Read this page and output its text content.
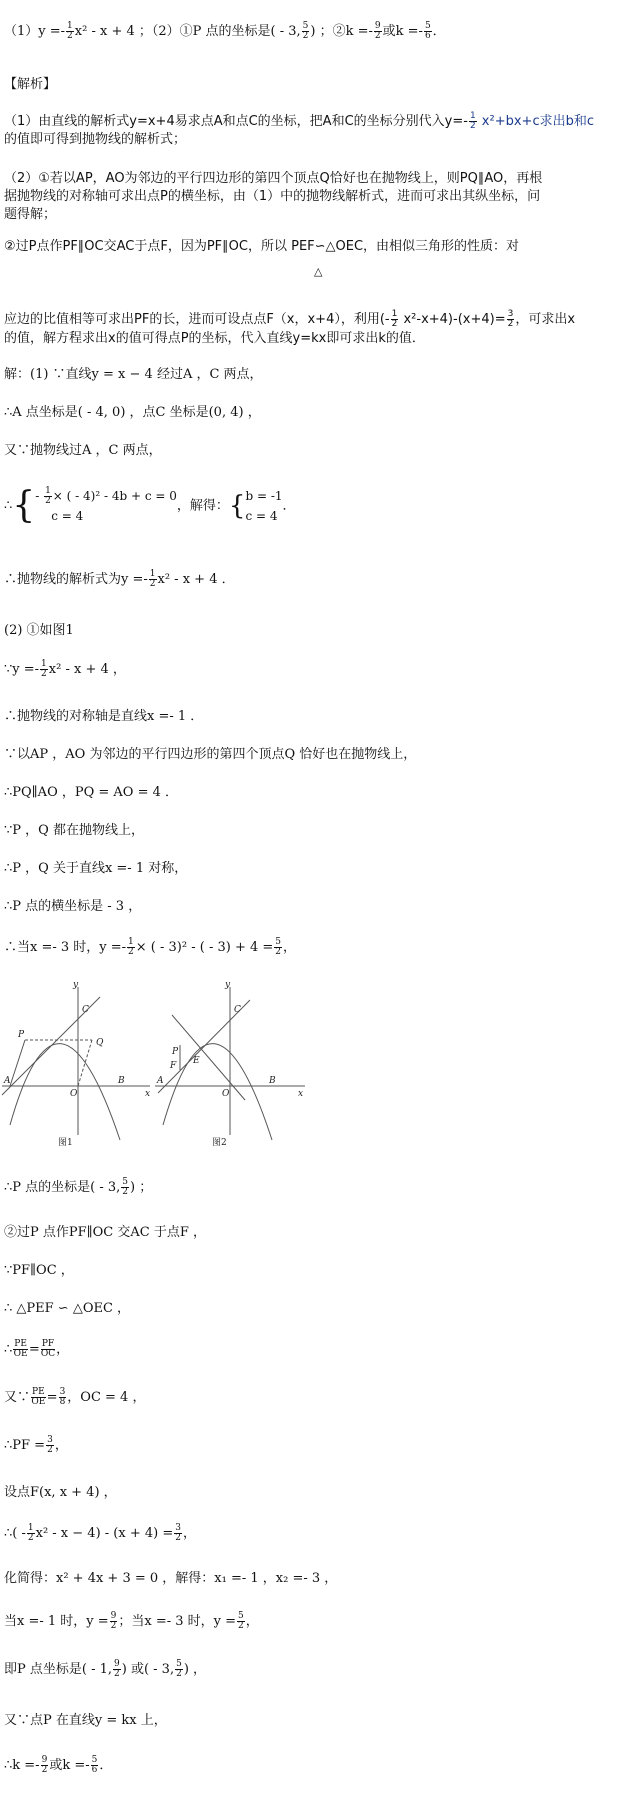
$(1)y =- \frac{1}{2} x^2 - x + 4$ ；（2）①P 点的坐标是( - 3, $\frac{5}{2}$ ) ；②k =- $\frac{9}{2}$ 或$k =- \frac{5}{6}$ ．
【解析】
（1）由直线的解析式y=x+4易求点A和点C的坐标，把A和C的坐标分别代入$y=- \frac{1}{2} x^2+bx+c$求出b和c
的值即可得到抛物线的解析式；
（2）①若以AP，AO为邻边的平行四边形的第四个顶点Q恰好也在抛物线上，则PQ∥AO，再根
据抛物线的对称轴可求出点P的横坐标，由（1）中的抛物线解析式，进而可求出其纵坐标，问
题得解；
②过P点作PF∥OC交AC于点F，因为PF∥OC，所以 PEF∽△OEC，由相似三角形的性质：对
△
应边的比值相等可求出PF的长，进而可设点点F（x，x+4），利用(- $\frac{1}{2} x^2-x+4)-(x+4)= \frac{3}{2}$ ，可求出x
的值，解方程求出x的值可得点P的坐标，代入直线y=kx即可求出k的值．
解：(1) ∵直线y = x − 4 经过A ，C 两点，
∴A 点坐标是( - 4, 0) ，点C 坐标是(0, 4) ，
又∵抛物线过A ，C 两点，
∴{- $\frac{1}{2}$ × ( - 4)² - 4b + c = 0
c = 4，解得：{b = -1
c = 4．
∴抛物线的解析式为$y =- \frac{1}{2} x^2 - x + 4$ ．
(2) ①如图1
∵y =- $\frac{1}{2} x^2 - x + 4$ ，
∴抛物线的对称轴是直线x =- 1 ．
∵以AP ，AO 为邻边的平行四边形的第四个顶点Q 恰好也在抛物线上，
∴PQ∥AO ，PQ = AO = 4 ．
∵P ，Q 都在抛物线上，
∴P ，Q 关于直线x =- 1 对称，
∴P 点的横坐标是 - 3 ，
∴当x =- 3 时，$y =- \frac{1}{2}$ × ( - 3)² - ( - $3) + 4 = \frac{5}{2}$ ，
y
x
A	B
C
O
P
Q
图1
y
x
A	B
C
O
P
F E
图2
∴P 点的坐标是( - 3, $\frac{5}{2}$ ) ；
②过P 点作PF∥OC 交AC 于点F ，
∵PF∥OC ，
∴ △PEF ∽ △OEC ，
∴ $\frac{PE}{OE} = \frac{PF}{OC}$ ，
又∵ $\frac{PE}{OE} = \frac{3}{8}$ ，OC = 4 ，
∴PF = $\frac{3}{2}$ ，
设点F(x, x + 4) ，
∴( - $\frac{1}{2} x^2 - x - 4) - (x + 4) = \frac{3}{2}$ ，
化简得：x² + 4x + 3 = 0 ，解得：x₁ =- 1 ，x₂ =- 3 ，
当x =- 1 时，$y = \frac{9}{2}$ ；当x =- 3 时，$y = \frac{5}{2}$ ，
即P 点坐标是( - 1, $\frac{9}{2}$ ) 或( - 3, $\frac{5}{2}$ ) ，
又∵点P 在直线y = kx 上，
∴k =- $\frac{9}{2}$ 或$k =- \frac{5}{6}$ ．
